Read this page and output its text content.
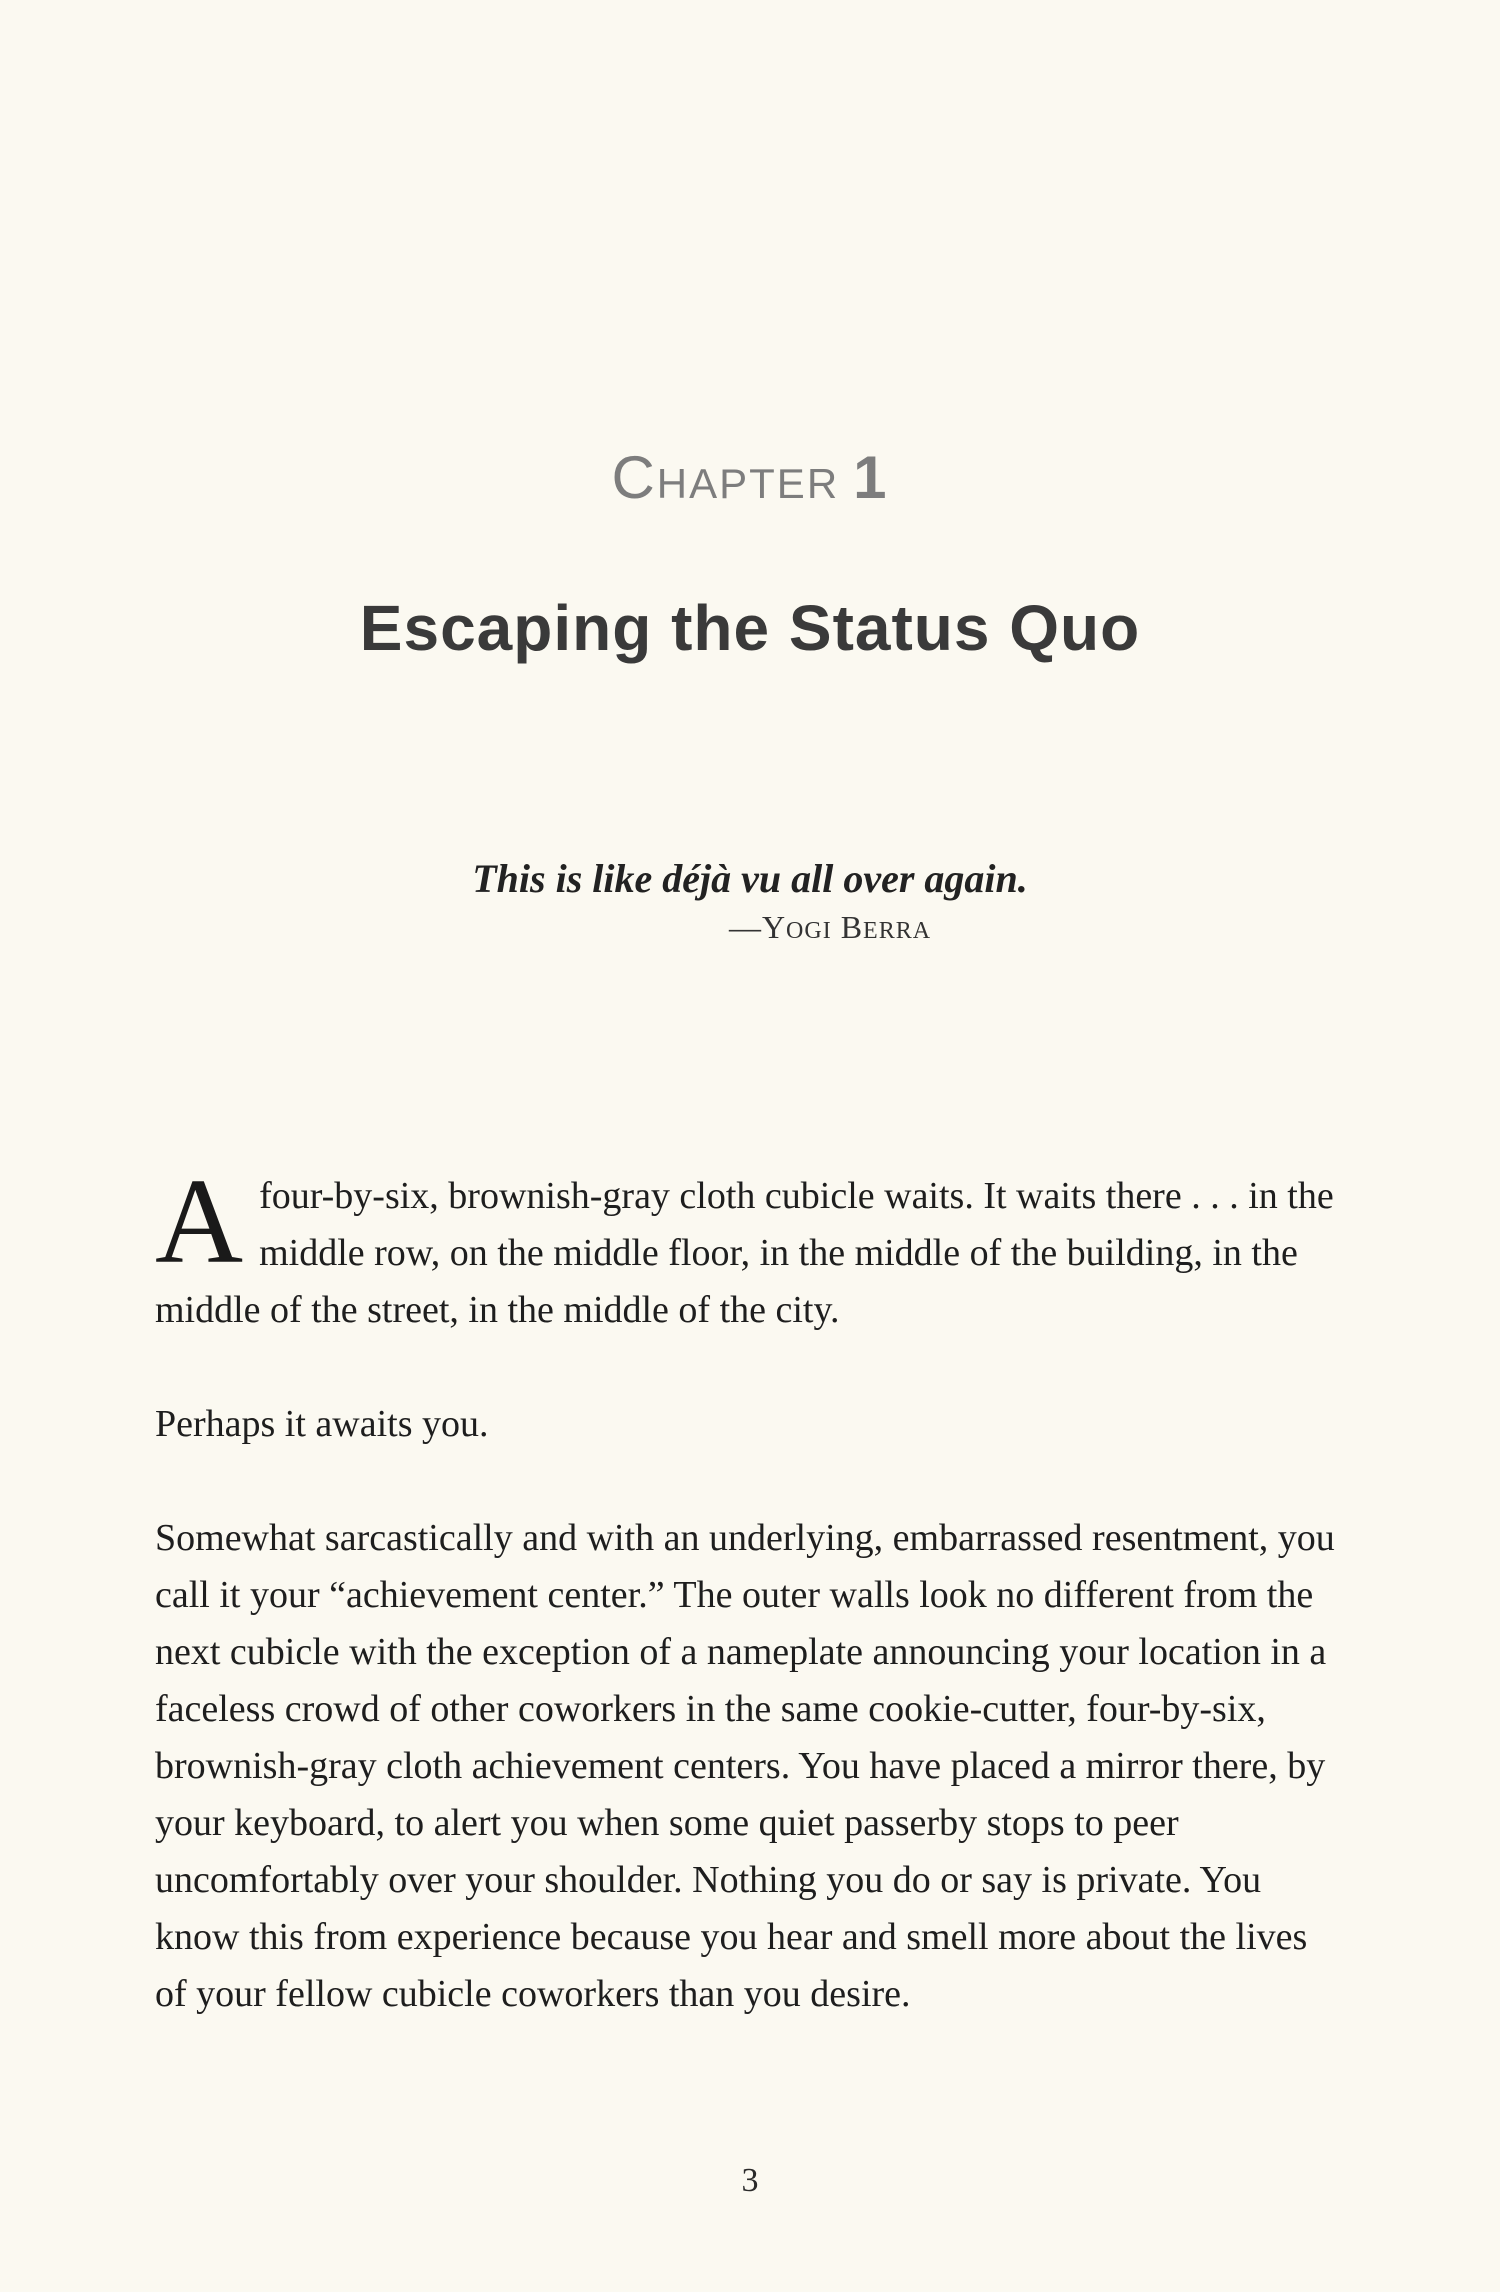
CHAPTER 1
Escaping the Status Quo
This is like déjà vu all over again.
—YOGI BERRA
Afour-by-six, brownish-gray cloth cubicle waits. It waits there . . . in the middle row, on the middle floor, in the middle of the building, in the middle of the street, in the middle of the city.
Perhaps it awaits you.
Somewhat sarcastically and with an underlying, embarrassed resentment, you call it your “achievement center.” The outer walls look no different from the next cubicle with the exception of a nameplate announcing your location in a faceless crowd of other coworkers in the same cookie-cutter, four-by-six, brownish-gray cloth achievement centers. You have placed a mirror there, by your keyboard, to alert you when some quiet passerby stops to peer uncomfortably over your shoulder. Nothing you do or say is private. You know this from experience because you hear and smell more about the lives of your fellow cubicle coworkers than you desire.
3
